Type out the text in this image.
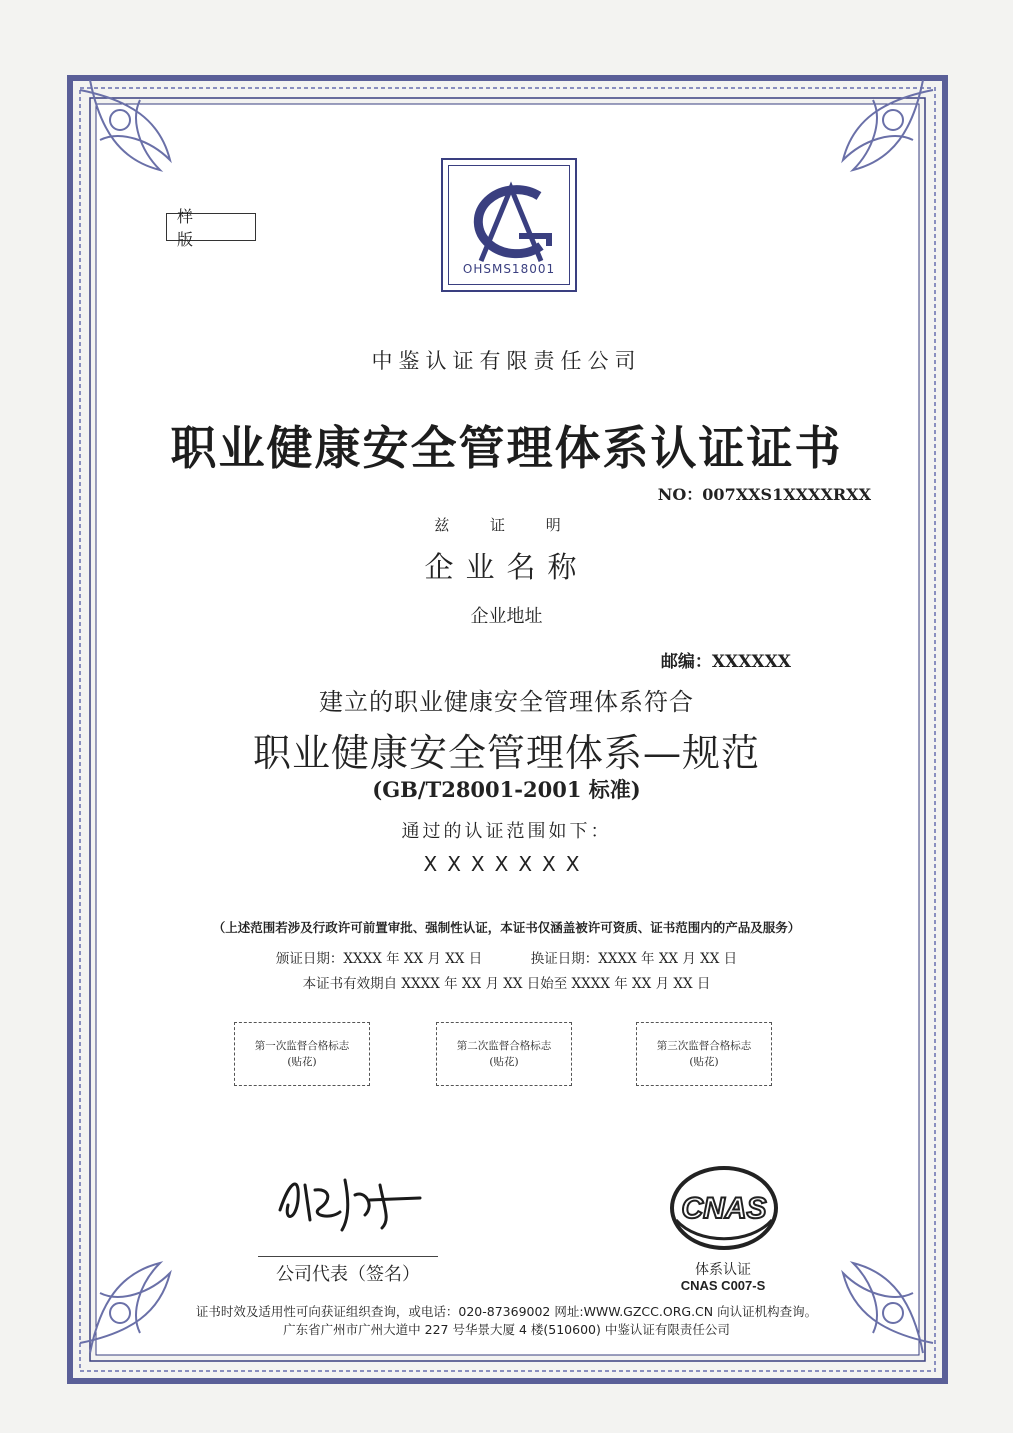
样 版
OHSMS18001
中鉴认证有限责任公司
职业健康安全管理体系认证证书
NO：007XXS1XXXXRXX
兹 证 明
企业名称
企业地址
邮编：XXXXXX
建立的职业健康安全管理体系符合
职业健康安全管理体系—规范
(GB/T28001-2001 标准)
通过的认证范围如下：
XXXXXXX
（上述范围若涉及行政许可前置审批、强制性认证，本证书仅涵盖被许可资质、证书范围内的产品及服务）
颁证日期：XXXX 年 XX 月 XX 日	换证日期：XXXX 年 XX 月 XX 日
本证书有效期自 XXXX 年 XX 月 XX 日始至 XXXX 年 XX 月 XX 日
第一次监督合格标志
(贴花)
第二次监督合格标志
(贴花)
第三次监督合格标志
(贴花)
公司代表（签名）
CNAS
体系认证
CNAS C007-S
证书时效及适用性可向获证组织查询，或电话：020-87369002 网址:WWW.GZCC.ORG.CN 向认证机构查询。
广东省广州市广州大道中 227 号华景大厦 4 楼(510600) 中鉴认证有限责任公司
